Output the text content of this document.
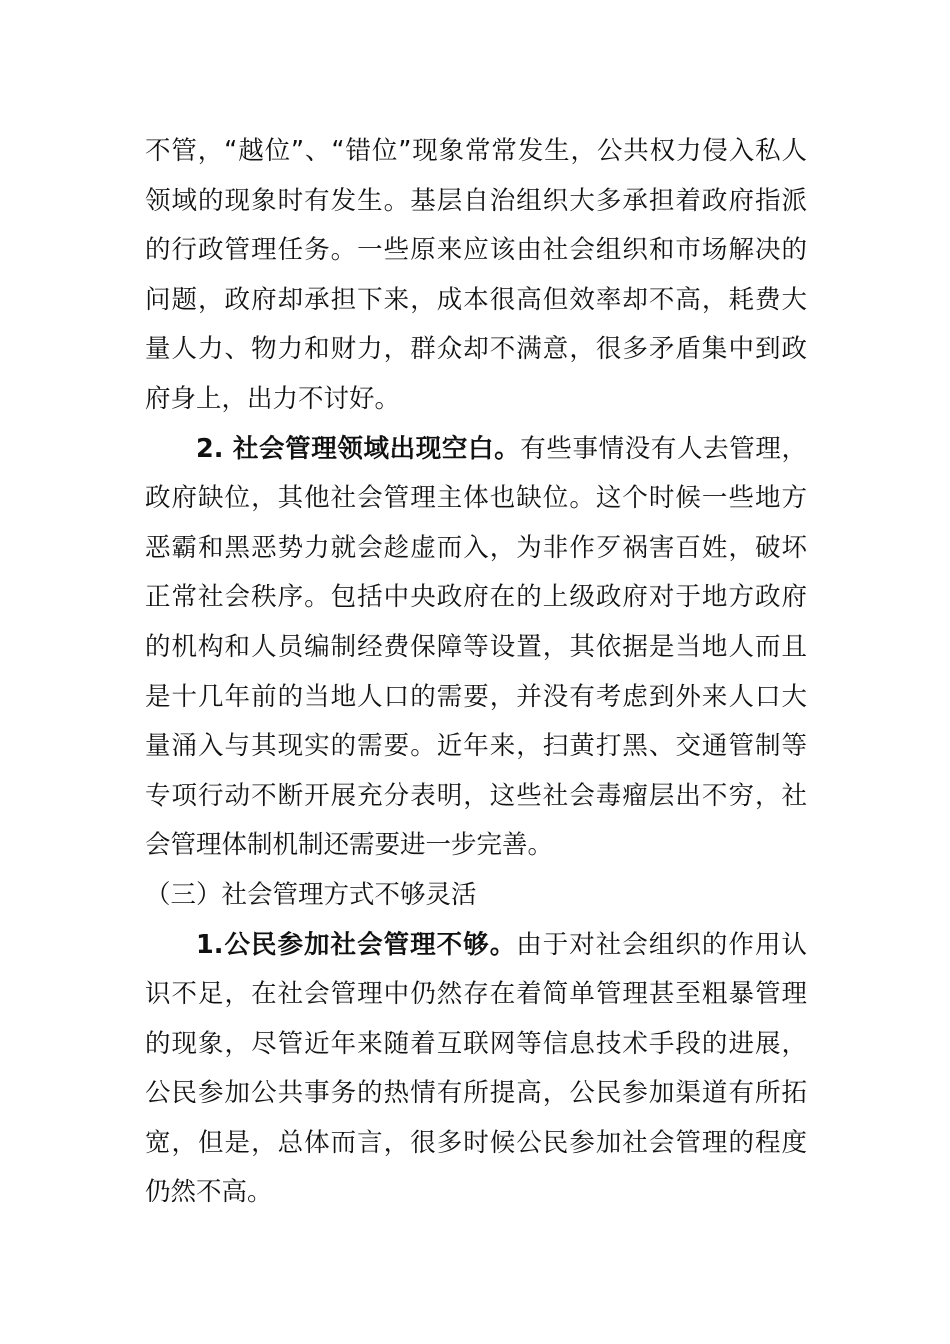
不管，“越位”、“错位”现象常常发生，公共权力侵入私人领域的现象时有发生。基层自治组织大多承担着政府指派的行政管理任务。一些原来应该由社会组织和市场解决的问题，政府却承担下来，成本很高但效率却不高，耗费大量人力、物力和财力，群众却不满意，很多矛盾集中到政府身上，出力不讨好。

2. 社会管理领域出现空白。有些事情没有人去管理，政府缺位，其他社会管理主体也缺位。这个时候一些地方恶霸和黑恶势力就会趁虚而入，为非作歹祸害百姓，破坏正常社会秩序。包括中央政府在的上级政府对于地方政府的机构和人员编制经费保障等设置，其依据是当地人而且是十几年前的当地人口的需要，并没有考虑到外来人口大量涌入与其现实的需要。近年来，扫黄打黑、交通管制等专项行动不断开展充分表明，这些社会毒瘤层出不穷，社会管理体制机制还需要进一步完善。

（三）社会管理方式不够灵活

1.公民参加社会管理不够。由于对社会组织的作用认识不足，在社会管理中仍然存在着简单管理甚至粗暴管理的现象，尽管近年来随着互联网等信息技术手段的进展，公民参加公共事务的热情有所提高，公民参加渠道有所拓宽，但是，总体而言，很多时候公民参加社会管理的程度仍然不高。
